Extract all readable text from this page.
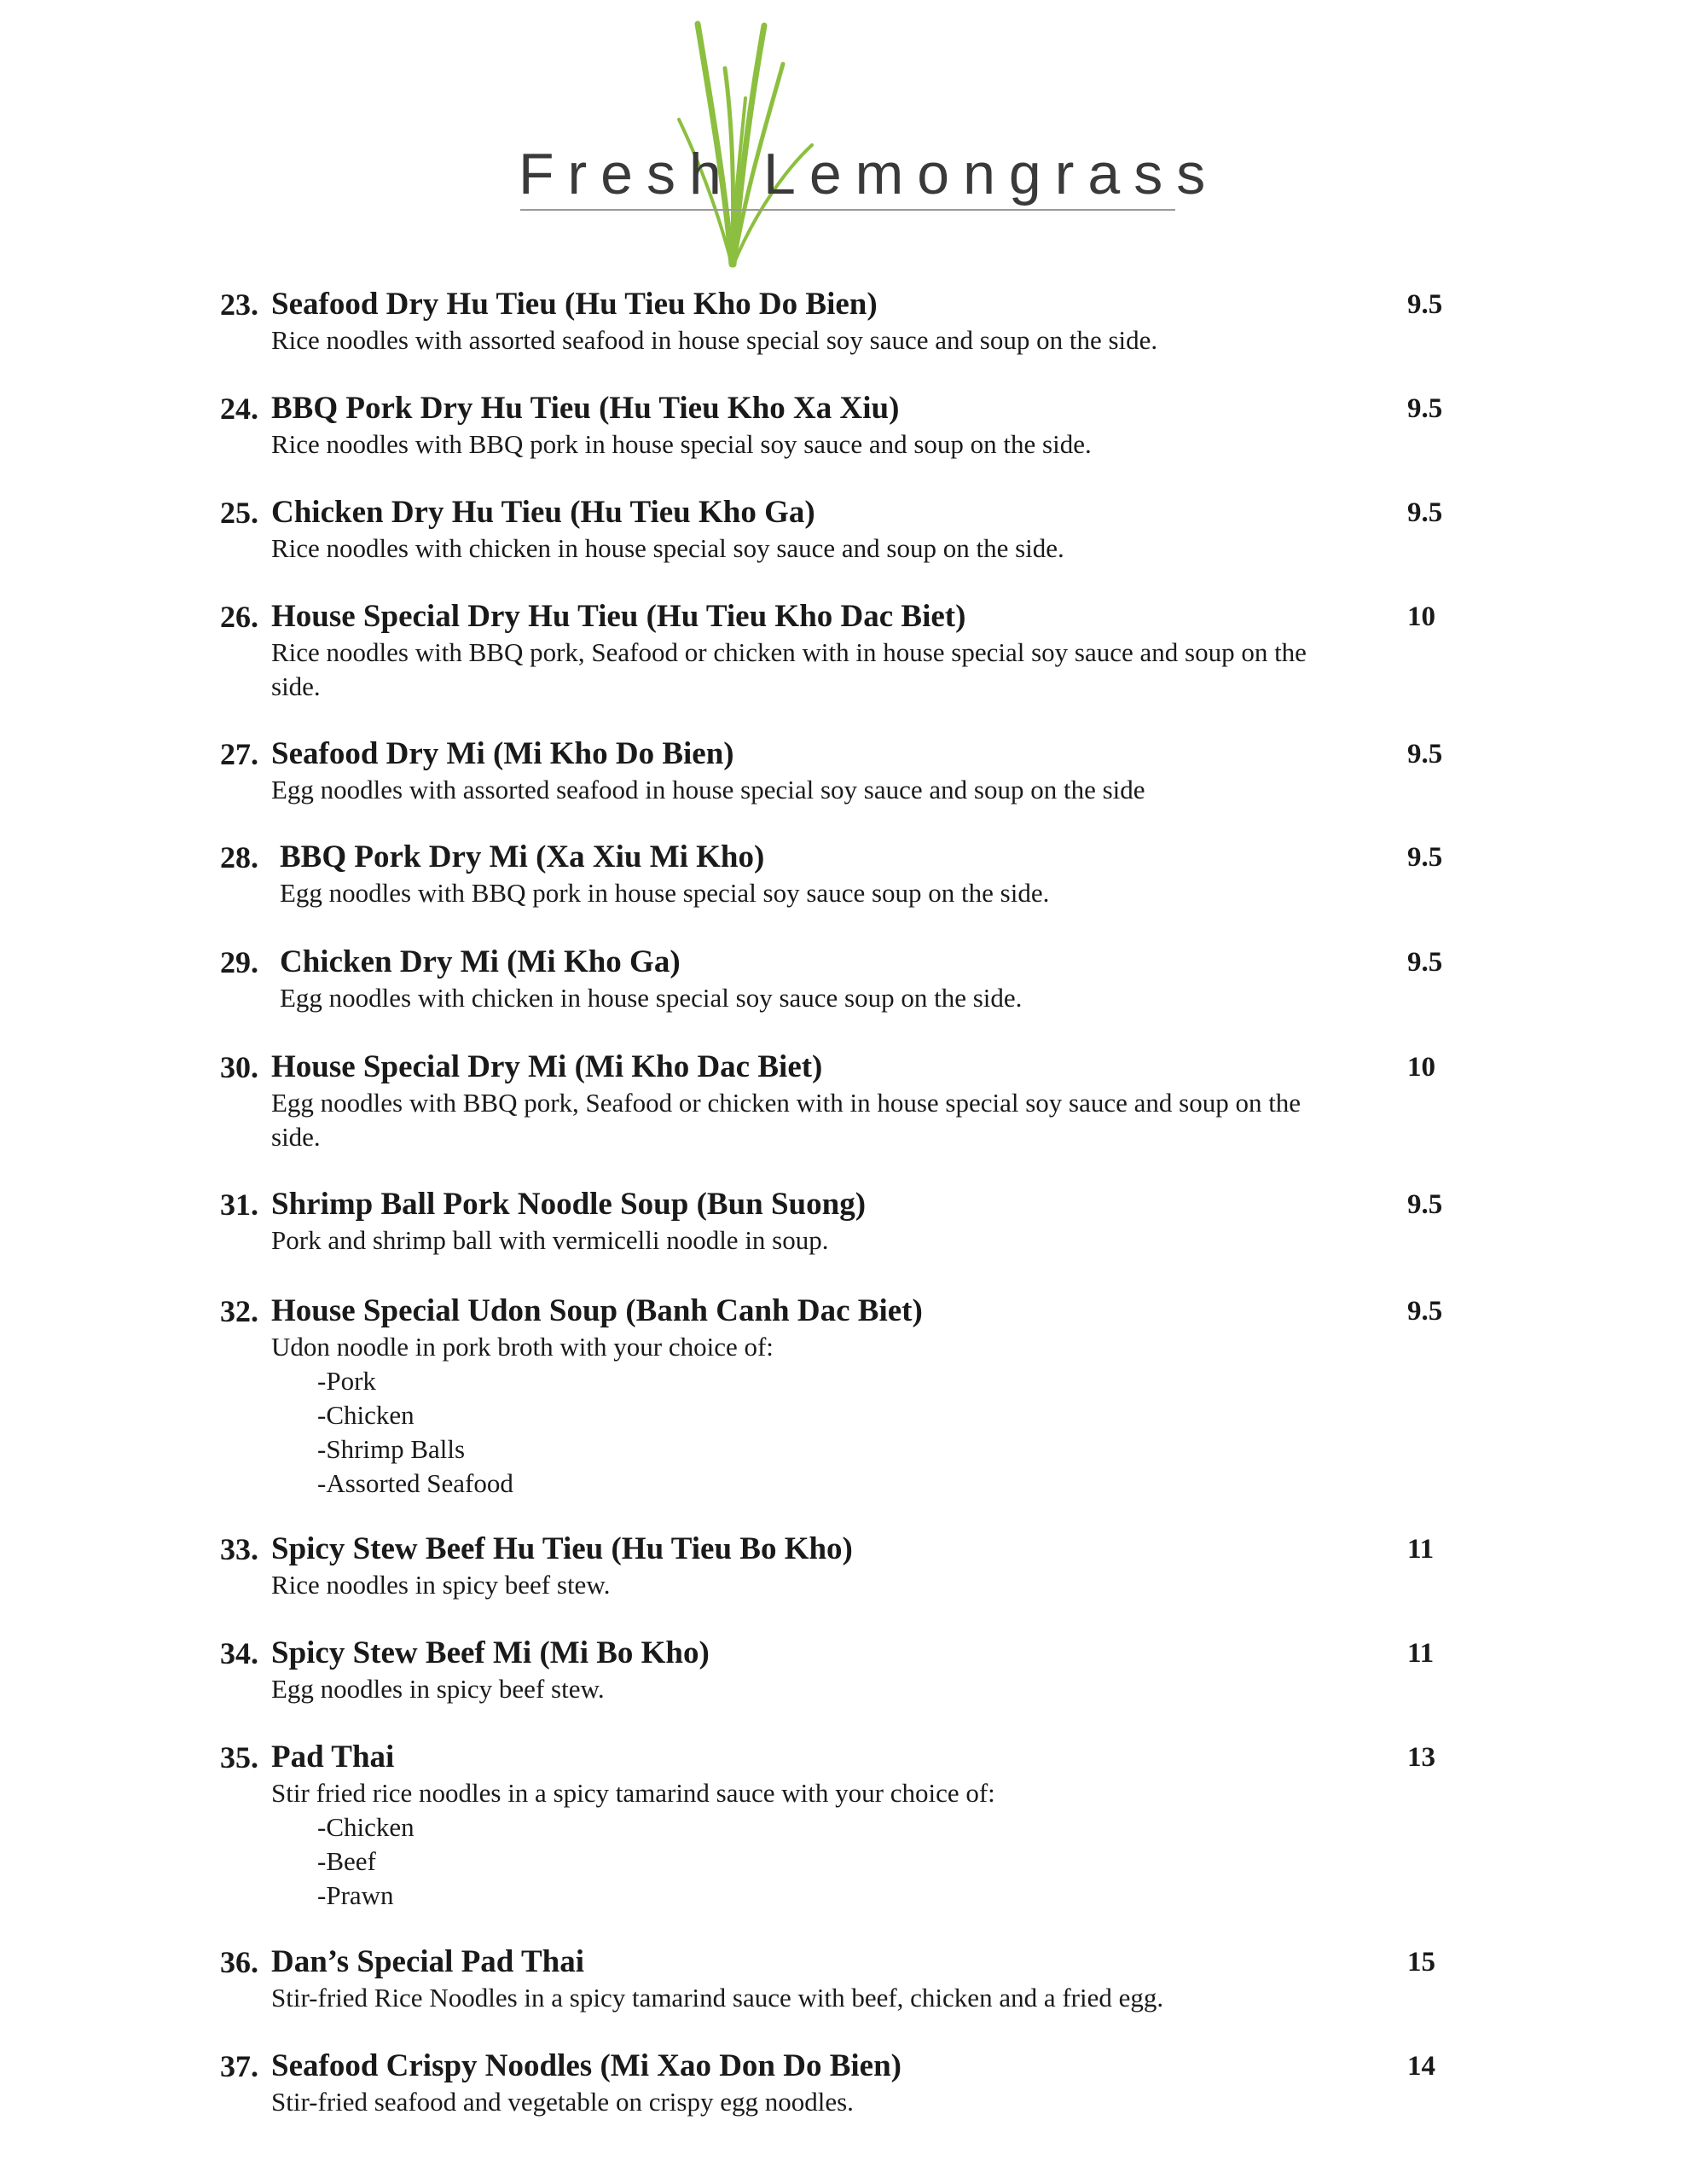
Fresh Lemongrass
23. Seafood Dry Hu Tieu (Hu Tieu Kho Do Bien)	9.5
Rice noodles with assorted seafood in house special soy sauce and soup on the side.
24. BBQ Pork Dry Hu Tieu (Hu Tieu Kho Xa Xiu)	9.5
Rice noodles with BBQ pork in house special soy sauce and soup on the side.
25. Chicken Dry Hu Tieu (Hu Tieu Kho Ga)	9.5
Rice noodles with chicken in house special soy sauce and soup on the side.
26. House Special Dry Hu Tieu (Hu Tieu Kho Dac Biet)	10
Rice noodles with BBQ pork, Seafood or chicken with in house special soy sauce and soup on the side.
27. Seafood Dry Mi (Mi Kho Do Bien)	9.5
Egg noodles with assorted seafood in house special soy sauce and soup on the side
28. BBQ Pork Dry Mi (Xa Xiu Mi Kho)	9.5
Egg noodles with BBQ pork in house special soy sauce soup on the side.
29. Chicken Dry Mi (Mi Kho Ga)	9.5
Egg noodles with chicken in house special soy sauce soup on the side.
30. House Special Dry Mi (Mi Kho Dac Biet)	10
Egg noodles with BBQ pork, Seafood or chicken with in house special soy sauce and soup on the side.
31. Shrimp Ball Pork Noodle Soup (Bun Suong)	9.5
Pork and shrimp ball with vermicelli noodle in soup.
32. House Special Udon Soup (Banh Canh Dac Biet)	9.5
Udon noodle in pork broth with your choice of:
-Pork
-Chicken
-Shrimp Balls
-Assorted Seafood
33. Spicy Stew Beef Hu Tieu (Hu Tieu Bo Kho)	11
Rice noodles in spicy beef stew.
34. Spicy Stew Beef Mi (Mi Bo Kho)	11
Egg noodles in spicy beef stew.
35. Pad Thai	13
Stir fried rice noodles in a spicy tamarind sauce with your choice of:
-Chicken
-Beef
-Prawn
36. Dan’s Special Pad Thai	15
Stir-fried Rice Noodles in a spicy tamarind sauce with beef, chicken and a fried egg.
37. Seafood Crispy Noodles (Mi Xao Don Do Bien)	14
Stir-fried seafood and vegetable on crispy egg noodles.
